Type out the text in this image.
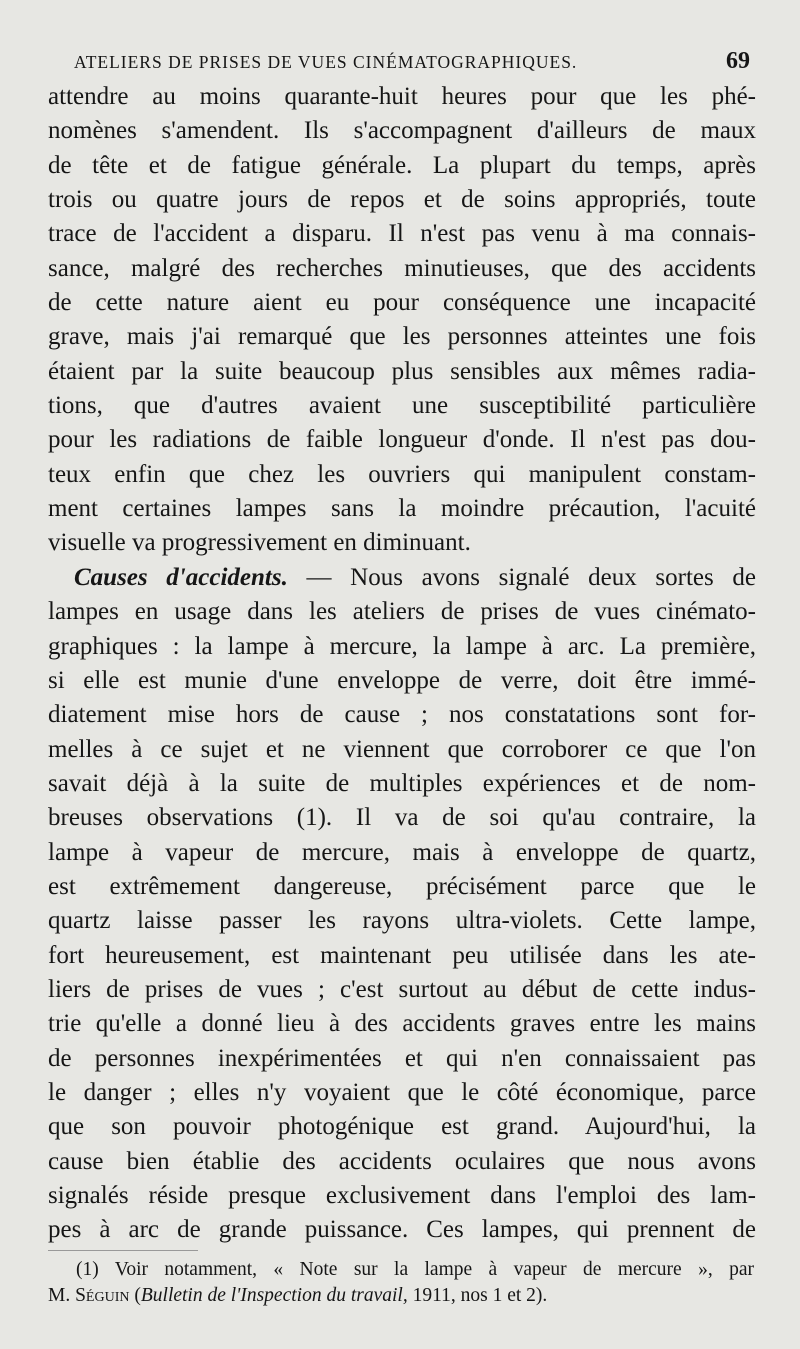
ATELIERS DE PRISES DE VUES CINÉMATOGRAPHIQUES.	69
attendre au moins quarante-huit heures pour que les phé-
nomènes s'amendent. Ils s'accompagnent d'ailleurs de maux
de tête et de fatigue générale. La plupart du temps, après
trois ou quatre jours de repos et de soins appropriés, toute
trace de l'accident a disparu. Il n'est pas venu à ma connais-
sance, malgré des recherches minutieuses, que des accidents
de cette nature aient eu pour conséquence une incapacité
grave, mais j'ai remarqué que les personnes atteintes une fois
étaient par la suite beaucoup plus sensibles aux mêmes radia-
tions, que d'autres avaient une susceptibilité particulière
pour les radiations de faible longueur d'onde. Il n'est pas dou-
teux enfin que chez les ouvriers qui manipulent constam-
ment certaines lampes sans la moindre précaution, l'acuité
visuelle va progressivement en diminuant.
Causes d'accidents. — Nous avons signalé deux sortes de
lampes en usage dans les ateliers de prises de vues cinémato-
graphiques : la lampe à mercure, la lampe à arc. La première,
si elle est munie d'une enveloppe de verre, doit être immé-
diatement mise hors de cause ; nos constatations sont for-
melles à ce sujet et ne viennent que corroborer ce que l'on
savait déjà à la suite de multiples expériences et de nom-
breuses observations (1). Il va de soi qu'au contraire, la
lampe à vapeur de mercure, mais à enveloppe de quartz,
est extrêmement dangereuse, précisément parce que le
quartz laisse passer les rayons ultra-violets. Cette lampe,
fort heureusement, est maintenant peu utilisée dans les ate-
liers de prises de vues ; c'est surtout au début de cette indus-
trie qu'elle a donné lieu à des accidents graves entre les mains
de personnes inexpérimentées et qui n'en connaissaient pas
le danger ; elles n'y voyaient que le côté économique, parce
que son pouvoir photogénique est grand. Aujourd'hui, la
cause bien établie des accidents oculaires que nous avons
signalés réside presque exclusivement dans l'emploi des lam-
pes à arc de grande puissance. Ces lampes, qui prennent de
(1) Voir notamment, « Note sur la lampe à vapeur de mercure », par
M. Séguin (Bulletin de l'Inspection du travail, 1911, nos 1 et 2).
